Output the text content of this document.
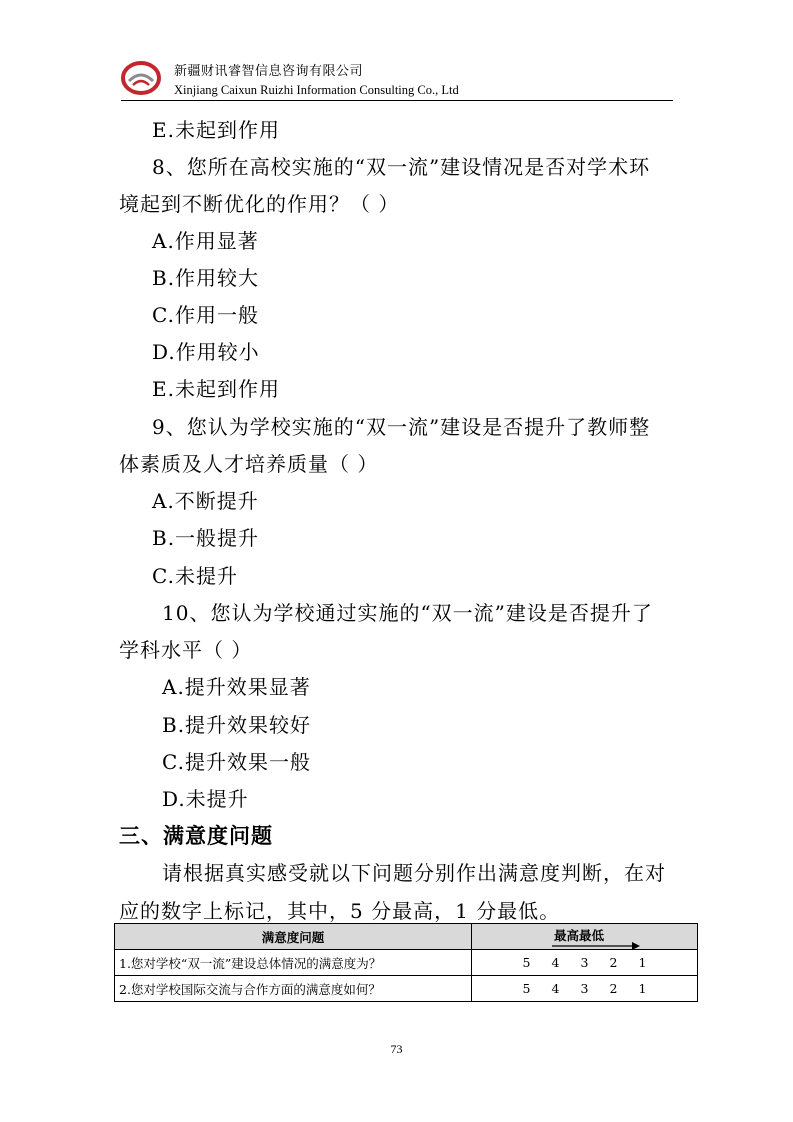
新疆财讯睿智信息咨询有限公司
Xinjiang Caixun Ruizhi Information Consulting Co., Ltd
E.未起到作用
8、您所在高校实施的“双一流”建设情况是否对学术环
境起到不断优化的作用？（ ）
A.作用显著
B.作用较大
C.作用一般
D.作用较小
E.未起到作用
9、您认为学校实施的“双一流”建设是否提升了教师整
体素质及人才培养质量（ ）
A.不断提升
B.一般提升
C.未提升
10、您认为学校通过实施的“双一流”建设是否提升了
学科水平（ ）
A.提升效果显著
B.提升效果较好
C.提升效果一般
D.未提升
三、满意度问题
请根据真实感受就以下问题分别作出满意度判断，在对
应的数字上标记，其中，5 分最高，1 分最低。
满意度问题	最高最低

1.您对学校“双一流”建设总体情况的满意度为？	5 4 3 2 1
2.您对学校国际交流与合作方面的满意度如何？	5 4 3 2 1
73
